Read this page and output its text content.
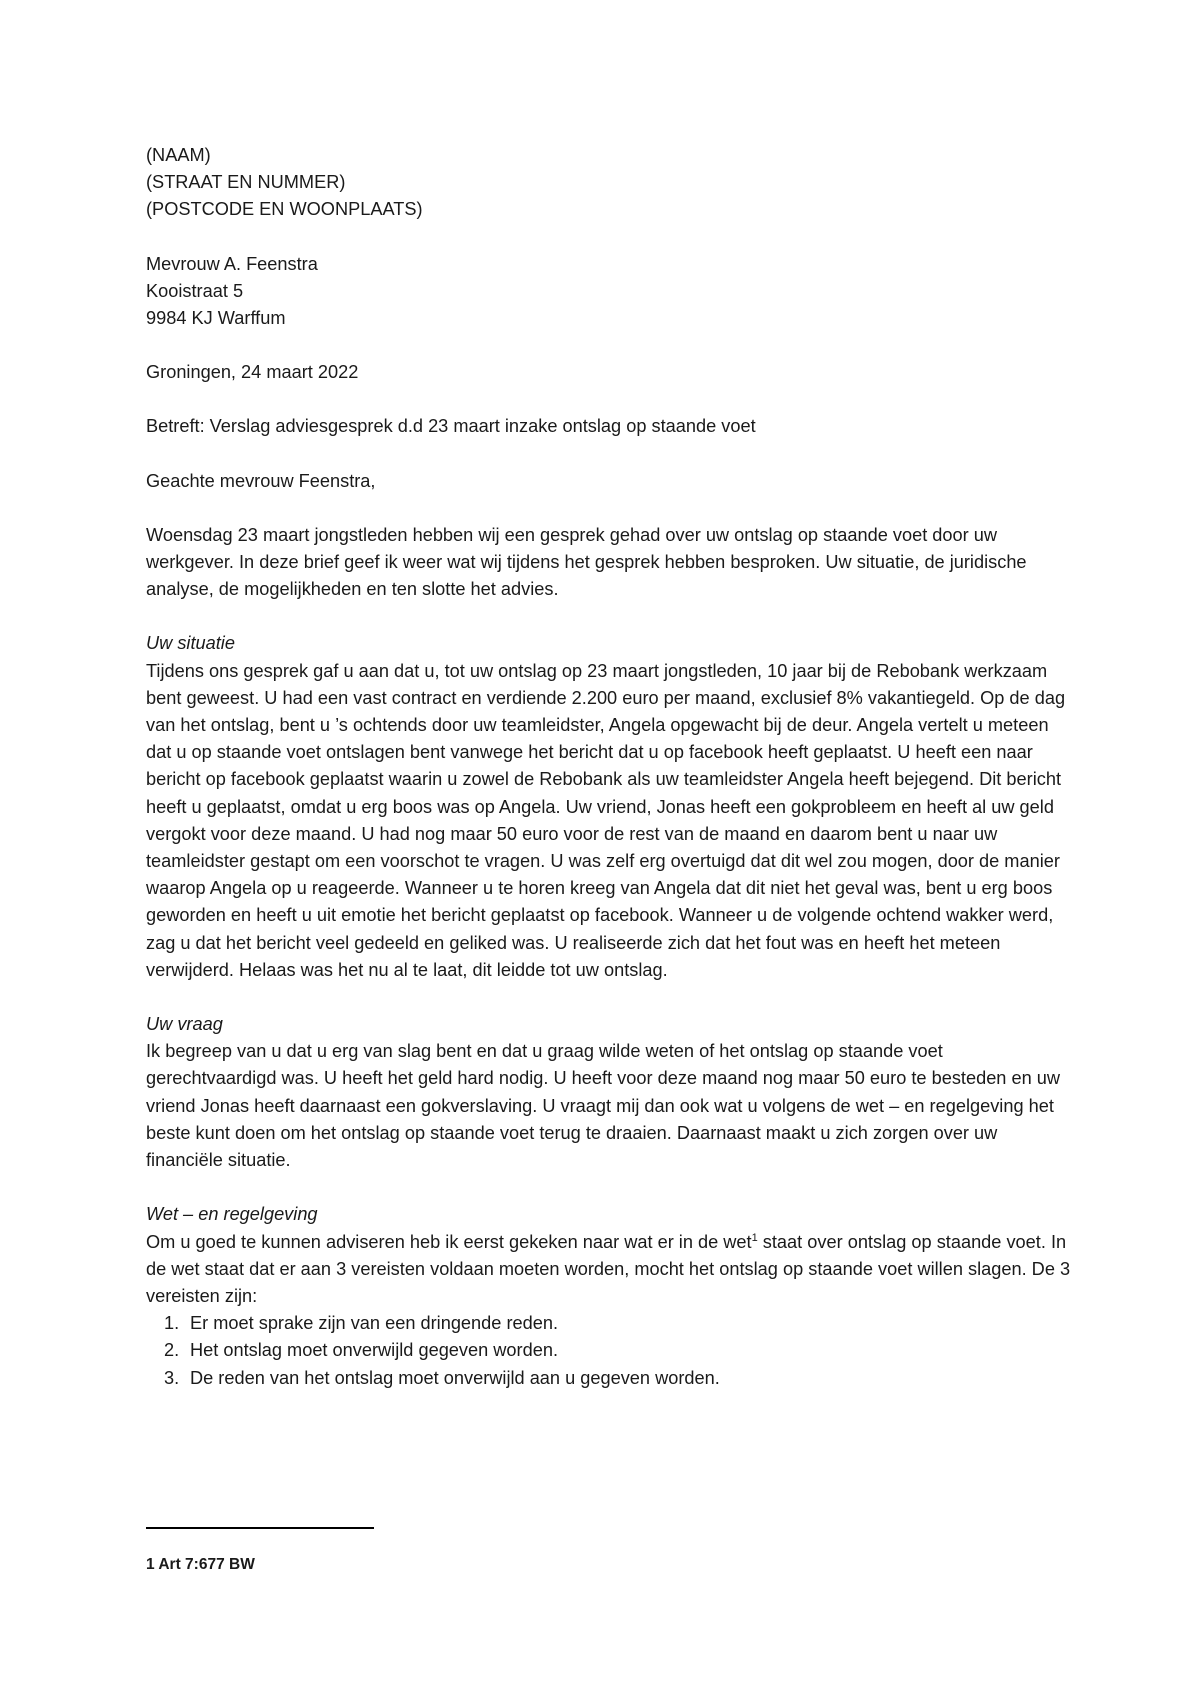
(NAAM)

(STRAAT EN NUMMER)

(POSTCODE EN WOONPLAATS)

Mevrouw A. Feenstra

Kooistraat 5

9984 KJ Warffum

Groningen, 24 maart 2022

Betreft: Verslag adviesgesprek d.d 23 maart inzake ontslag op staande voet

Geachte mevrouw Feenstra,

Woensdag 23 maart jongstleden hebben wij een gesprek gehad over uw ontslag op staande voet door uw werkgever. In deze brief geef ik weer wat wij tijdens het gesprek hebben besproken. Uw situatie, de juridische analyse, de mogelijkheden en ten slotte het advies.

Uw situatie

Tijdens ons gesprek gaf u aan dat u, tot uw ontslag op 23 maart jongstleden, 10 jaar bij de Rebobank werkzaam bent geweest. U had een vast contract en verdiende 2.200 euro per maand, exclusief 8% vakantiegeld. Op de dag van het ontslag, bent u ’s ochtends door uw teamleidster, Angela opgewacht bij de deur. Angela vertelt u meteen dat u op staande voet ontslagen bent vanwege het bericht dat u op facebook heeft geplaatst. U heeft een naar bericht op facebook geplaatst waarin u zowel de Rebobank als uw teamleidster Angela heeft bejegend. Dit bericht heeft u geplaatst, omdat u erg boos was op Angela. Uw vriend, Jonas heeft een gokprobleem en heeft al uw geld vergokt voor deze maand. U had nog maar 50 euro voor de rest van de maand en daarom bent u naar uw teamleidster gestapt om een voorschot te vragen. U was zelf erg overtuigd dat dit wel zou mogen, door de manier waarop Angela op u reageerde. Wanneer u te horen kreeg van Angela dat dit niet het geval was, bent u erg boos geworden en heeft u uit emotie het bericht geplaatst op facebook. Wanneer u de volgende ochtend wakker werd, zag u dat het bericht veel gedeeld en geliked was. U realiseerde zich dat het fout was en heeft het meteen verwijderd. Helaas was het nu al te laat, dit leidde tot uw ontslag.

Uw vraag

Ik begreep van u dat u erg van slag bent en dat u graag wilde weten of het ontslag op staande voet gerechtvaardigd was. U heeft het geld hard nodig. U heeft voor deze maand nog maar 50 euro te besteden en uw vriend Jonas heeft daarnaast een gokverslaving. U vraagt mij dan ook wat u volgens de wet – en regelgeving het beste kunt doen om het ontslag op staande voet terug te draaien. Daarnaast maakt u zich zorgen over uw financiële situatie.

Wet – en regelgeving

Om u goed te kunnen adviseren heb ik eerst gekeken naar wat er in de wet$^1$ staat over ontslag op staande voet. In de wet staat dat er aan 3 vereisten voldaan moeten worden, mocht het ontslag op staande voet willen slagen. De 3 vereisten zijn:

1. Er moet sprake zijn van een dringende reden.
2. Het ontslag moet onverwijld gegeven worden.
3. De reden van het ontslag moet onverwijld aan u gegeven worden.

1 Art 7:677 BW
